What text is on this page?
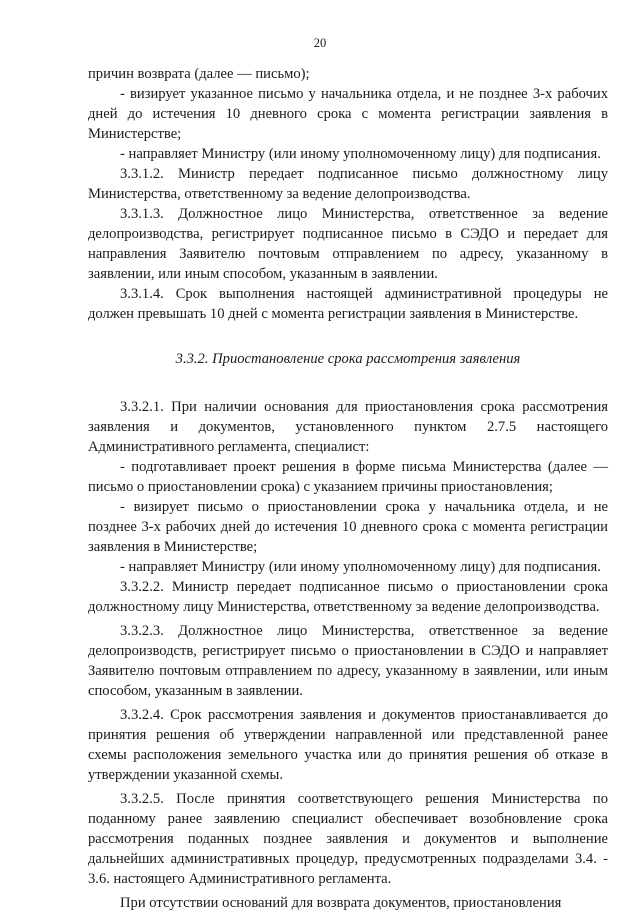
20

причин возврата (далее — письмо);

- визирует указанное письмо у начальника отдела, и не позднее 3-х рабочих дней до истечения 10 дневного срока с момента регистрации заявления в Министерстве;

- направляет Министру (или иному уполномоченному лицу) для подписания.

3.3.1.2. Министр передает подписанное письмо должностному лицу Министерства, ответственному за ведение делопроизводства.

3.3.1.3. Должностное лицо Министерства, ответственное за ведение делопроизводства, регистрирует подписанное письмо в СЭДО и передает для направления Заявителю почтовым отправлением по адресу, указанному в заявлении, или иным способом, указанным в заявлении.

3.3.1.4. Срок выполнения настоящей административной процедуры не должен превышать 10 дней с момента регистрации заявления в Министерстве.

3.3.2. Приостановление срока рассмотрения заявления

3.3.2.1. При наличии основания для приостановления срока рассмотрения заявления и документов, установленного пунктом 2.7.5 настоящего Административного регламента, специалист:

- подготавливает проект решения в форме письма Министерства (далее — письмо о приостановлении срока) с указанием причины приостановления;

- визирует письмо о приостановлении срока у начальника отдела, и не позднее 3-х рабочих дней до истечения 10 дневного срока с момента регистрации заявления в Министерстве;

- направляет Министру (или иному уполномоченному лицу) для подписания.

3.3.2.2. Министр передает подписанное письмо о приостановлении срока должностному лицу Министерства, ответственному за ведение делопроизводства.

3.3.2.3. Должностное лицо Министерства, ответственное за ведение делопроизводств, регистрирует письмо о приостановлении в СЭДО и направляет Заявителю почтовым отправлением по адресу, указанному в заявлении, или иным способом, указанным в заявлении.

3.3.2.4. Срок рассмотрения заявления и документов приостанавливается до принятия решения об утверждении направленной или представленной ранее схемы расположения земельного участка или до принятия решения об отказе в утверждении указанной схемы.

3.3.2.5. После принятия соответствующего решения Министерства по поданному ранее заявлению специалист обеспечивает возобновление срока рассмотрения поданных позднее заявления и документов и выполнение дальнейших административных процедур, предусмотренных подразделами 3.4. - 3.6. настоящего Административного регламента.

При отсутствии оснований для возврата документов, приостановления
